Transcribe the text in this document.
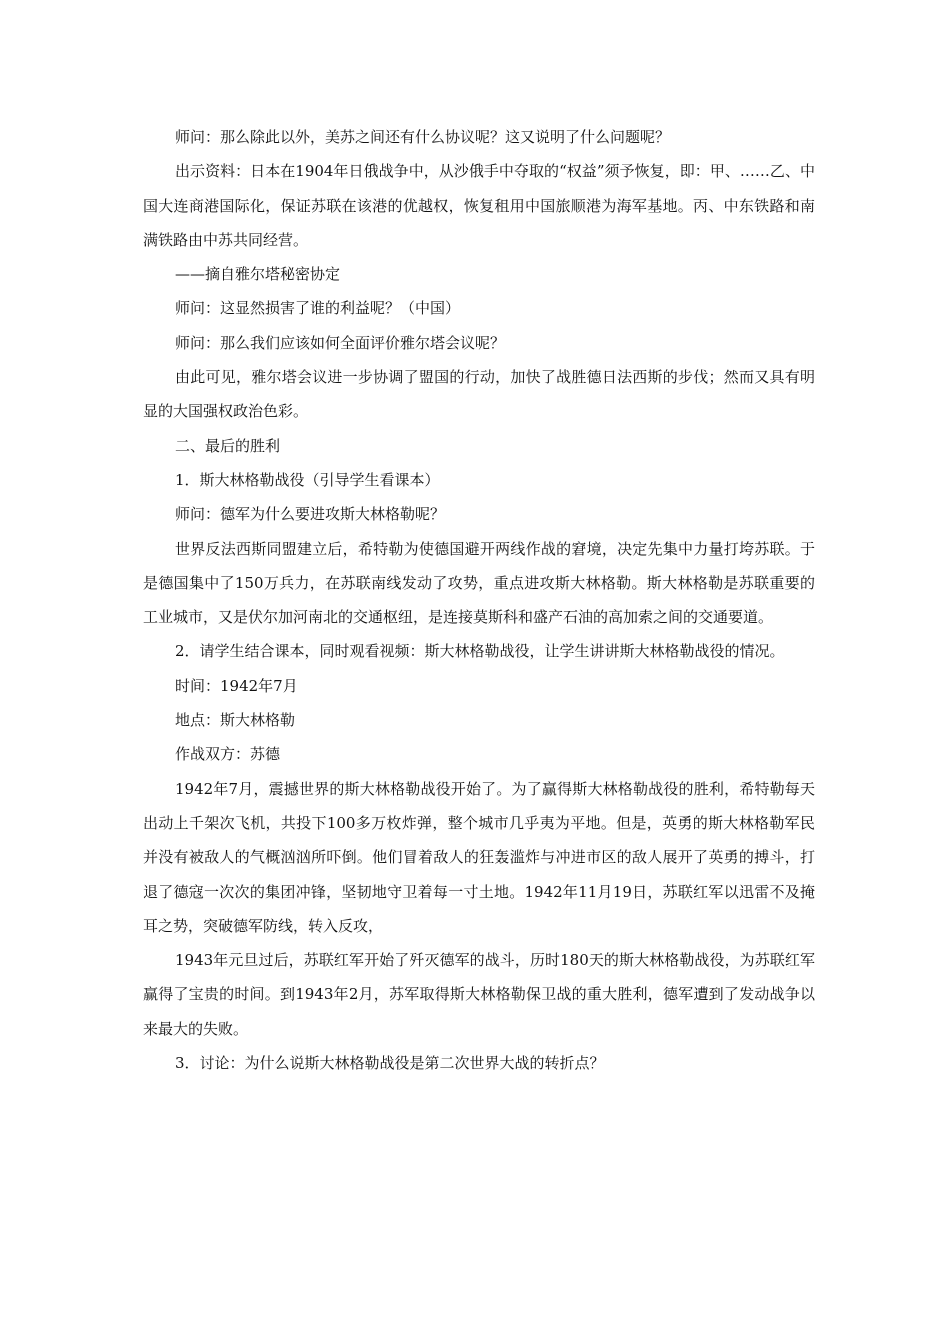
师问：那么除此以外，美苏之间还有什么协议呢？这又说明了什么问题呢？

出示资料：日本在1904年日俄战争中，从沙俄手中夺取的“权益”须予恢复，即：甲、……乙、中国大连商港国际化，保证苏联在该港的优越权，恢复租用中国旅顺港为海军基地。丙、中东铁路和南满铁路由中苏共同经营。

——摘自雅尔塔秘密协定

师问：这显然损害了谁的利益呢？（中国）

师问：那么我们应该如何全面评价雅尔塔会议呢？

由此可见，雅尔塔会议进一步协调了盟国的行动，加快了战胜德日法西斯的步伐；然而又具有明显的大国强权政治色彩。

二、最后的胜利

1．斯大林格勒战役（引导学生看课本）

师问：德军为什么要进攻斯大林格勒呢？

世界反法西斯同盟建立后，希特勒为使德国避开两线作战的窘境，决定先集中力量打垮苏联。于是德国集中了150万兵力，在苏联南线发动了攻势，重点进攻斯大林格勒。斯大林格勒是苏联重要的工业城市，又是伏尔加河南北的交通枢纽，是连接莫斯科和盛产石油的高加索之间的交通要道。

2．请学生结合课本，同时观看视频：斯大林格勒战役，让学生讲讲斯大林格勒战役的情况。

时间：1942年7月

地点：斯大林格勒

作战双方：苏德

1942年7月，震撼世界的斯大林格勒战役开始了。为了赢得斯大林格勒战役的胜利，希特勒每天出动上千架次飞机，共投下100多万枚炸弹，整个城市几乎夷为平地。但是，英勇的斯大林格勒军民并没有被敌人的气概汹汹所吓倒。他们冒着敌人的狂轰滥炸与冲进市区的敌人展开了英勇的搏斗，打退了德寇一次次的集团冲锋，坚韧地守卫着每一寸土地。1942年11月19日，苏联红军以迅雷不及掩耳之势，突破德军防线，转入反攻，

1943年元旦过后，苏联红军开始了歼灭德军的战斗，历时180天的斯大林格勒战役，为苏联红军赢得了宝贵的时间。到1943年2月，苏军取得斯大林格勒保卫战的重大胜利，德军遭到了发动战争以来最大的失败。

3．讨论：为什么说斯大林格勒战役是第二次世界大战的转折点？
